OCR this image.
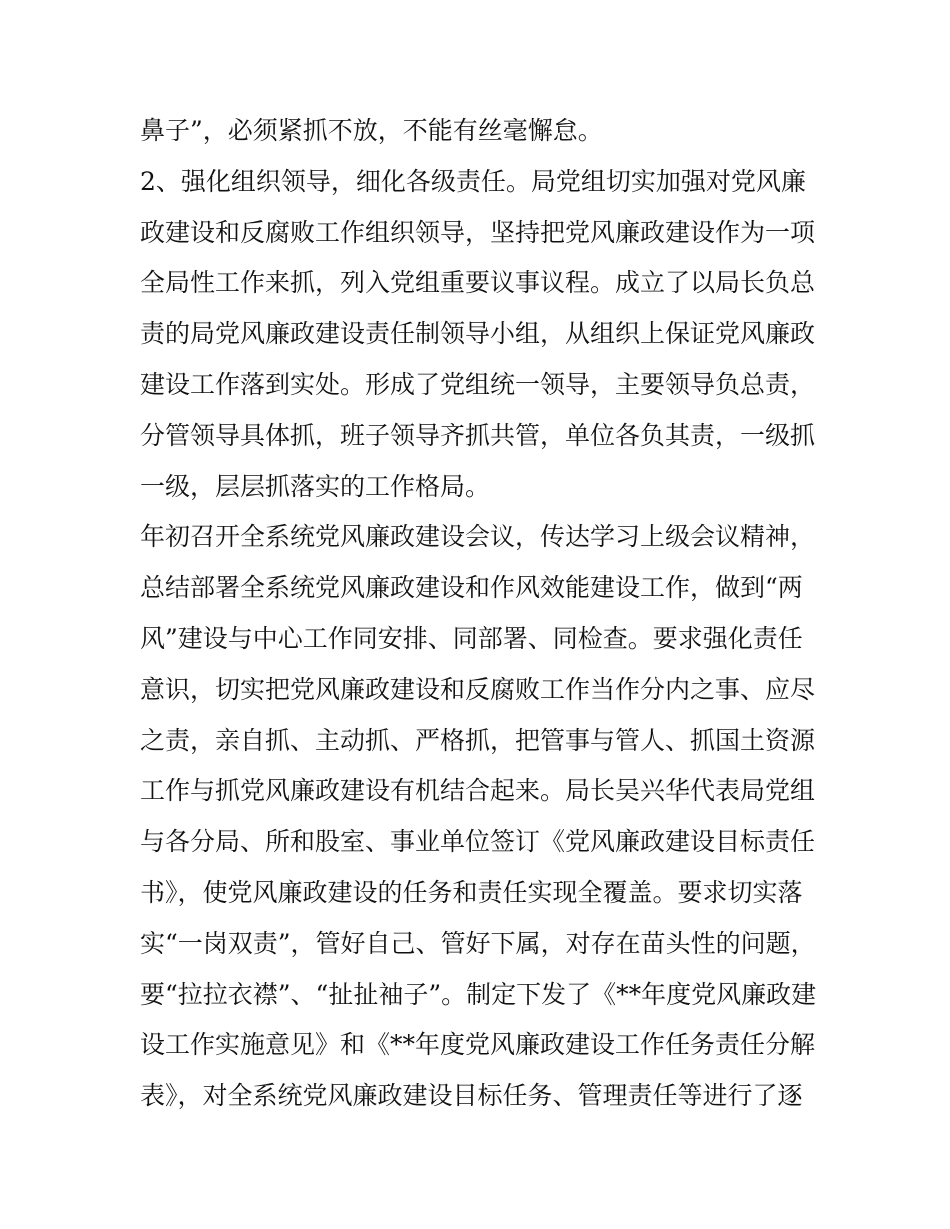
鼻子”，必须紧抓不放，不能有丝毫懈怠。
2、强化组织领导，细化各级责任。局党组切实加强对党风廉
政建设和反腐败工作组织领导，坚持把党风廉政建设作为一项
全局性工作来抓，列入党组重要议事议程。成立了以局长负总
责的局党风廉政建设责任制领导小组，从组织上保证党风廉政
建设工作落到实处。形成了党组统一领导，主要领导负总责，
分管领导具体抓，班子领导齐抓共管，单位各负其责，一级抓
一级，层层抓落实的工作格局。
年初召开全系统党风廉政建设会议，传达学习上级会议精神，
总结部署全系统党风廉政建设和作风效能建设工作，做到“两
风”建设与中心工作同安排、同部署、同检查。要求强化责任
意识，切实把党风廉政建设和反腐败工作当作分内之事、应尽
之责，亲自抓、主动抓、严格抓，把管事与管人、抓国土资源
工作与抓党风廉政建设有机结合起来。局长吴兴华代表局党组
与各分局、所和股室、事业单位签订《党风廉政建设目标责任
书》，使党风廉政建设的任务和责任实现全覆盖。要求切实落
实“一岗双责”，管好自己、管好下属，对存在苗头性的问题，
要“拉拉衣襟”、“扯扯袖子”。制定下发了《**年度党风廉政建
设工作实施意见》和《**年度党风廉政建设工作任务责任分解
表》，对全系统党风廉政建设目标任务、管理责任等进行了逐
